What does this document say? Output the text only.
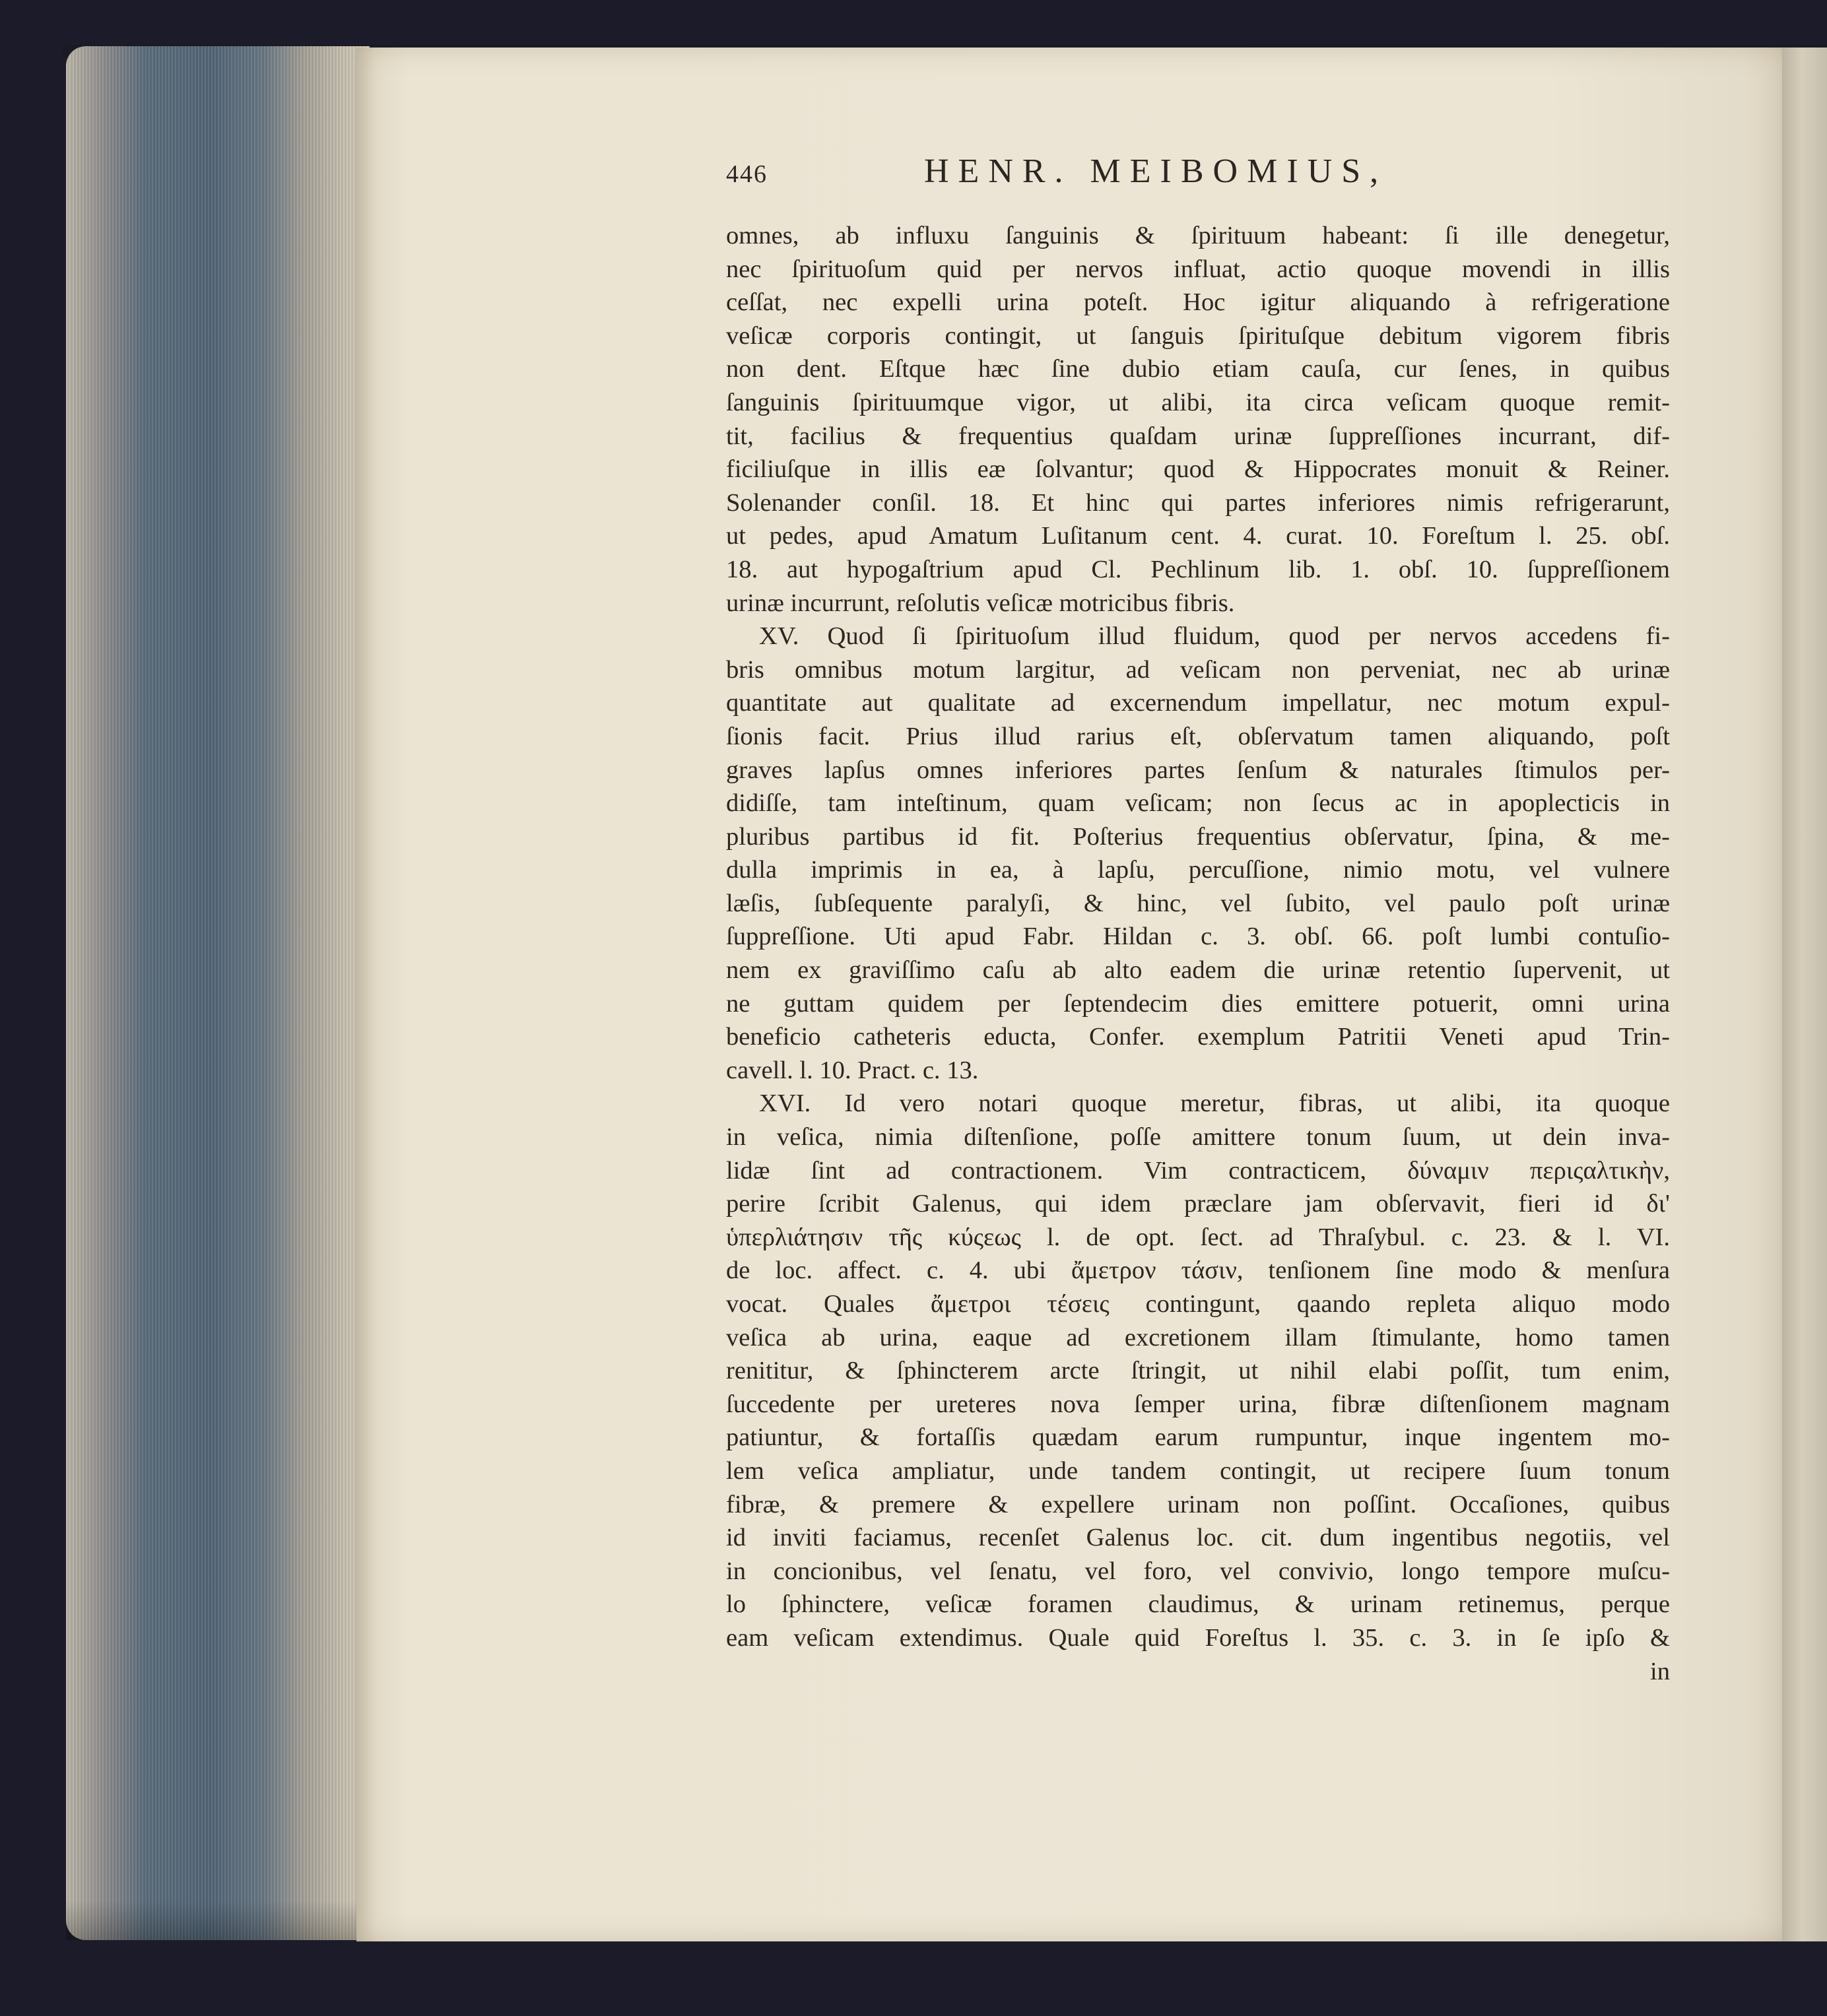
446	HENR. MEIBOMIUS,
omnes, ab influxu ſanguinis & ſpirituum habeant: ſi ille denegetur,
nec ſpirituoſum quid per nervos influat, actio quoque movendi in illis
ceſſat, nec expelli urina poteſt. Hoc igitur aliquando à refrigeratione
veſicæ corporis contingit, ut ſanguis ſpirituſque debitum vigorem fibris
non dent. Eſtque hæc ſine dubio etiam cauſa, cur ſenes, in quibus
ſanguinis ſpirituumque vigor, ut alibi, ita circa veſicam quoque remit-
tit, facilius & frequentius quaſdam urinæ ſuppreſſiones incurrant, dif-
ficiliuſque in illis eæ ſolvantur; quod & Hippocrates monuit & Reiner.
Solenander conſil. 18. Et hinc qui partes inferiores nimis refrigerarunt,
ut pedes, apud Amatum Luſitanum cent. 4. curat. 10. Foreſtum l. 25. obſ.
18. aut hypogaſtrium apud Cl. Pechlinum lib. 1. obſ. 10. ſuppreſſionem
urinæ incurrunt, reſolutis veſicæ motricibus fibris.
XV. Quod ſi ſpirituoſum illud fluidum, quod per nervos accedens fi-
bris omnibus motum largitur, ad veſicam non perveniat, nec ab urinæ
quantitate aut qualitate ad excernendum impellatur, nec motum expul-
ſionis facit. Prius illud rarius eſt, obſervatum tamen aliquando, poſt
graves lapſus omnes inferiores partes ſenſum & naturales ſtimulos per-
didiſſe, tam inteſtinum, quam veſicam; non ſecus ac in apoplecticis in
pluribus partibus id fit. Poſterius frequentius obſervatur, ſpina, & me-
dulla imprimis in ea, à lapſu, percuſſione, nimio motu, vel vulnere
læſis, ſubſequente paralyſi, & hinc, vel ſubito, vel paulo poſt urinæ
ſuppreſſione. Uti apud Fabr. Hildan c. 3. obſ. 66. poſt lumbi contuſio-
nem ex graviſſimo caſu ab alto eadem die urinæ retentio ſupervenit, ut
ne guttam quidem per ſeptendecim dies emittere potuerit, omni urina
beneficio catheteris educta, Confer. exemplum Patritii Veneti apud Trin-
cavell. l. 10. Pract. c. 13.
XVI. Id vero notari quoque meretur, fibras, ut alibi, ita quoque
in veſica, nimia diſtenſione, poſſe amittere tonum ſuum, ut dein inva-
lidæ ſint ad contractionem. Vim contracticem, δύναμιν περιςαλτικὴν,
perire ſcribit Galenus, qui idem præclare jam obſervavit, fieri id δι'
ὑπερλιάτησιν τῆς κύςεως l. de opt. ſect. ad Thraſybul. c. 23. & l. VI.
de loc. affect. c. 4. ubi ἄμετρον τάσιν, tenſionem ſine modo & menſura
vocat. Quales ἄμετροι τέσεις contingunt, qaando repleta aliquo modo
veſica ab urina, eaque ad excretionem illam ſtimulante, homo tamen
renititur, & ſphincterem arcte ſtringit, ut nihil elabi poſſit, tum enim,
ſuccedente per ureteres nova ſemper urina, fibræ diſtenſionem magnam
patiuntur, & fortaſſis quædam earum rumpuntur, inque ingentem mo-
lem veſica ampliatur, unde tandem contingit, ut recipere ſuum tonum
fibræ, & premere & expellere urinam non poſſint. Occaſiones, quibus
id inviti faciamus, recenſet Galenus loc. cit. dum ingentibus negotiis, vel
in concionibus, vel ſenatu, vel foro, vel convivio, longo tempore muſcu-
lo ſphinctere, veſicæ foramen claudimus, & urinam retinemus, perque
eam veſicam extendimus. Quale quid Foreſtus l. 35. c. 3. in ſe ipſo &
in
